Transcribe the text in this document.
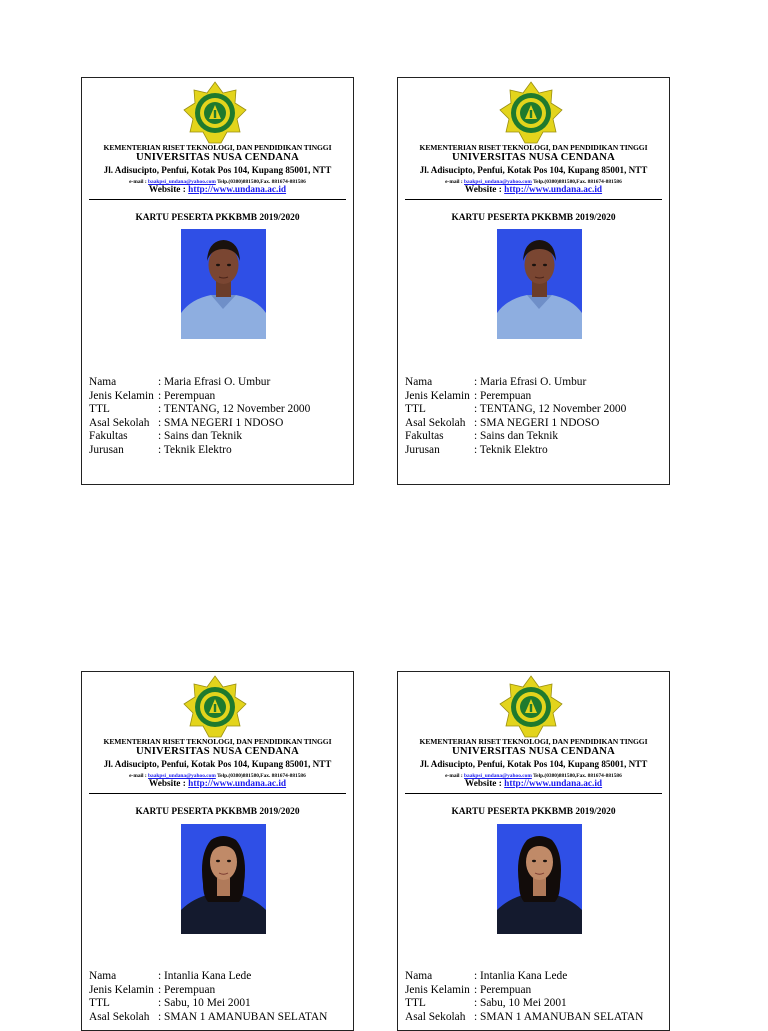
KEMENTERIAN RISET TEKNOLOGI, DAN PENDIDIKAN TINGGI
UNIVERSITAS NUSA CENDANA
Jl. Adisucipto, Penfui, Kotak Pos 104, Kupang 85001, NTT
e-mail : baakpsi_undana@yahoo.com Telp.(0380)881580,Fax. 881674-881586
Website : http://www.undana.ac.id
KARTU PESERTA PKKBMB 2019/2020
Nama	: Maria Efrasi O. Umbur
Jenis Kelamin : Perempuan
TTL	: TENTANG, 12 November 2000
Asal Sekolah : SMA NEGERI 1 NDOSO
Fakultas	: Sains dan Teknik
Jurusan	: Teknik Elektro
KEMENTERIAN RISET TEKNOLOGI, DAN PENDIDIKAN TINGGI
UNIVERSITAS NUSA CENDANA
Jl. Adisucipto, Penfui, Kotak Pos 104, Kupang 85001, NTT
e-mail : baakpsi_undana@yahoo.com Telp.(0380)881580,Fax. 881674-881586
Website : http://www.undana.ac.id
KARTU PESERTA PKKBMB 2019/2020
Nama	: Maria Efrasi O. Umbur
Jenis Kelamin : Perempuan
TTL	: TENTANG, 12 November 2000
Asal Sekolah : SMA NEGERI 1 NDOSO
Fakultas	: Sains dan Teknik
Jurusan	: Teknik Elektro
KEMENTERIAN RISET TEKNOLOGI, DAN PENDIDIKAN TINGGI
UNIVERSITAS NUSA CENDANA
Jl. Adisucipto, Penfui, Kotak Pos 104, Kupang 85001, NTT
e-mail : baakpsi_undana@yahoo.com Telp.(0380)881580,Fax. 881674-881586
Website : http://www.undana.ac.id
KARTU PESERTA PKKBMB 2019/2020
Nama	: Intanlia Kana Lede
Jenis Kelamin : Perempuan
TTL	: Sabu, 10 Mei 2001
Asal Sekolah : SMAN 1 AMANUBAN SELATAN
KEMENTERIAN RISET TEKNOLOGI, DAN PENDIDIKAN TINGGI
UNIVERSITAS NUSA CENDANA
Jl. Adisucipto, Penfui, Kotak Pos 104, Kupang 85001, NTT
e-mail : baakpsi_undana@yahoo.com Telp.(0380)881580,Fax. 881674-881586
Website : http://www.undana.ac.id
KARTU PESERTA PKKBMB 2019/2020
Nama	: Intanlia Kana Lede
Jenis Kelamin : Perempuan
TTL	: Sabu, 10 Mei 2001
Asal Sekolah : SMAN 1 AMANUBAN SELATAN
